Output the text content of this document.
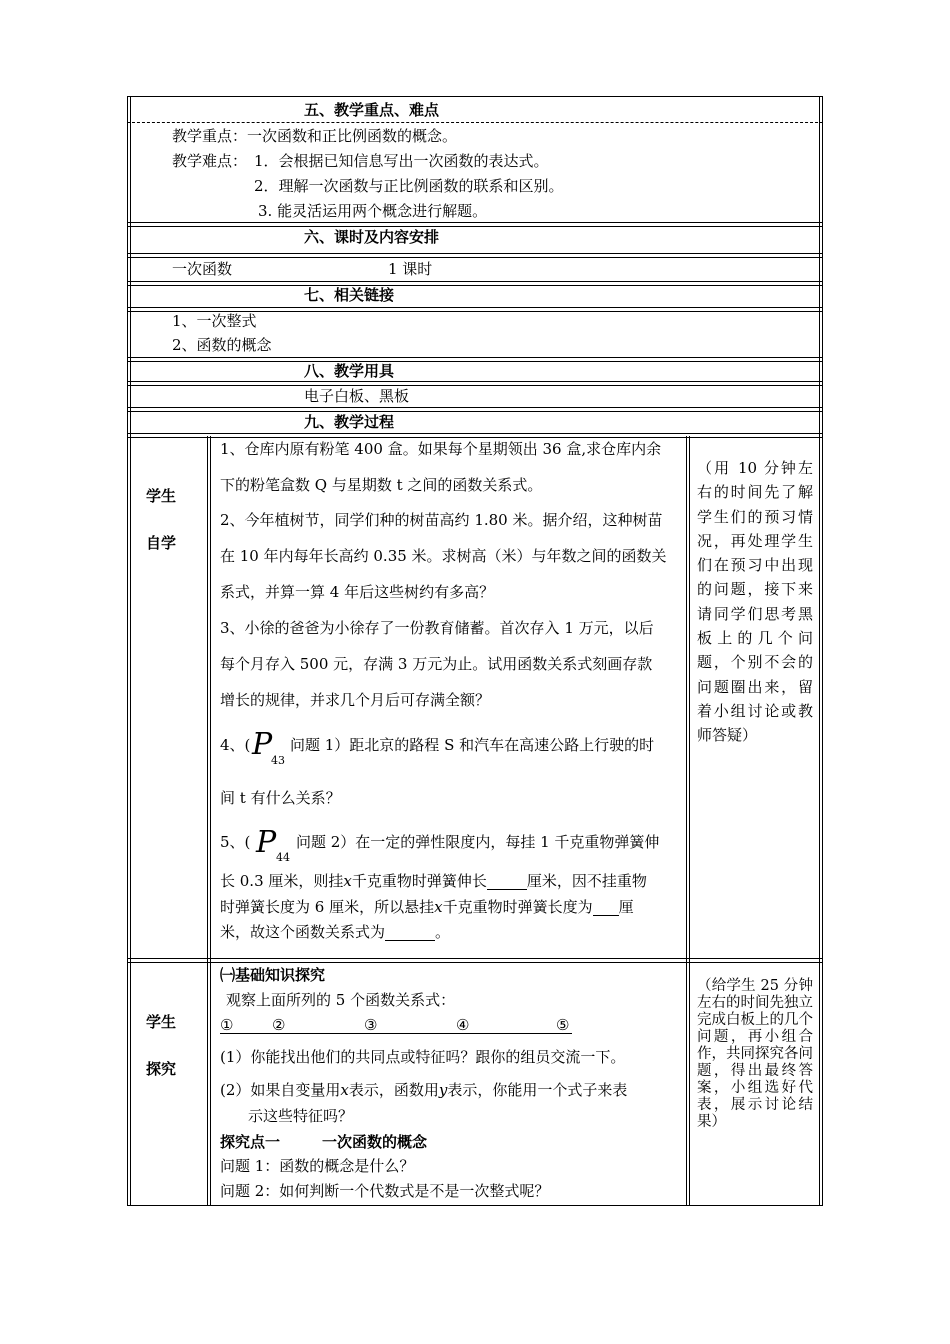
五、教学重点、难点
教学重点：一次函数和正比例函数的概念。
教学难点： 1．会根据已知信息写出一次函数的表达式。
2．理解一次函数与正比例函数的联系和区别。
3. 能灵活运用两个概念进行解题。
六、课时及内容安排
一次函数	1 课时
七、相关链接
1、一次整式
2、函数的概念
八、教学用具
电子白板、黑板
九、教学过程
学生
自学
1、仓库内原有粉笔 400 盒。如果每个星期领出 36 盒,求仓库内余
下的粉笔盒数 Q 与星期数 t 之间的函数关系式。
2、今年植树节，同学们种的树苗高约 1.80 米。据介绍，这种树苗
在 10 年内每年长高约 0.35 米。求树高（米）与年数之间的函数关
系式，并算一算 4 年后这些树约有多高？
3、小徐的爸爸为小徐存了一份教育储蓄。首次存入 1 万元，以后
每个月存入 500 元，存满 3 万元为止。试用函数关系式刻画存款
增长的规律，并求几个月后可存满全额？
4、( P
43
问题 1）距北京的路程 S 和汽车在高速公路上行驶的时
间 t 有什么关系？
5、( P 44
问题 2）在一定的弹性限度内，每挂 1 千克重物弹簧伸
长 0.3 厘米，则挂x千克重物时弹簧伸长	厘米，因不挂重物
时弹簧长度为 6 厘米，所以悬挂x千克重物时弹簧长度为 厘
米，故这个函数关系式为	。
（用 10 分钟左右的时间先了解学生们的预习情况，再处理学生们在预习中出现的问题，接下来请同学们思考黑板上的几个问题，个别不会的问题圈出来，留着小组讨论或教师答疑）
学生
探究
㈠基础知识探究
观察上面所列的 5 个函数关系式：
①	②	③	④	⑤
(1）你能找出他们的共同点或特征吗？跟你的组员交流一下。
(2）如果自变量用x表示，函数用y表示，你能用一个式子来表
示这些特征吗？
探究点一	一次函数的概念
问题 1：函数的概念是什么？
问题 2：如何判断一个代数式是不是一次整式呢？
（给学生 25 分钟左右的时间先独立完成白板上的几个问题，再小组合作，共同探究各问题，得出最终答案，小组选好代表，展示讨论结果）
